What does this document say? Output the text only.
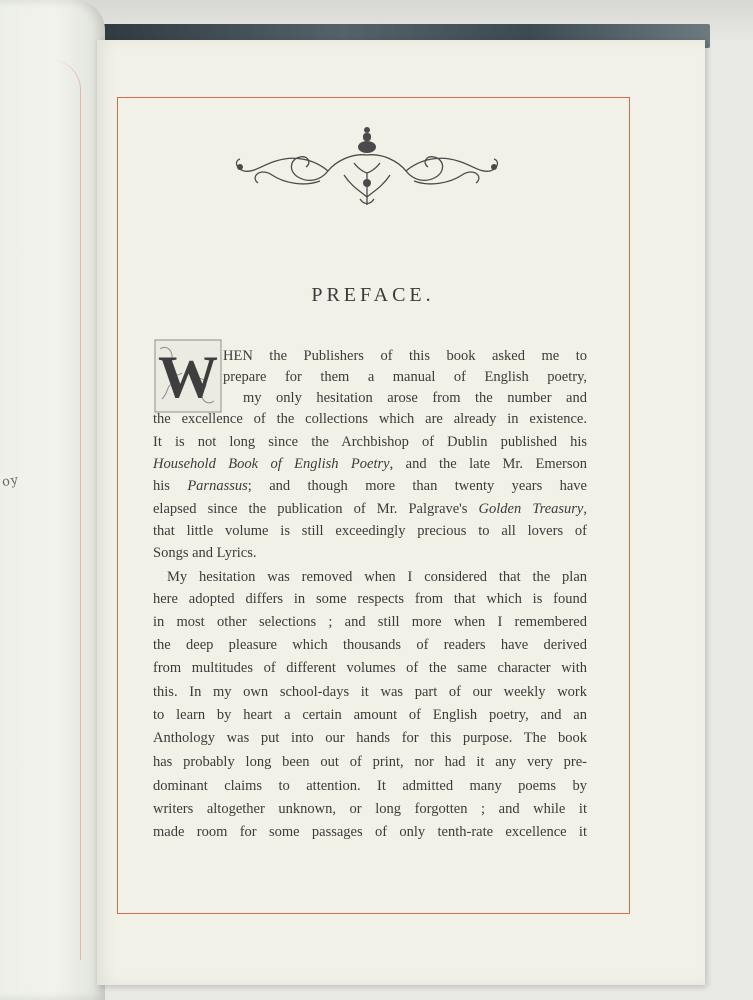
oy
PREFACE.
W HEN the Publishers of this book asked me to
prepare for them a manual of English poetry,
my only hesitation arose from the number and
the excellence of the collections which are already in existence.
It is not long since the Archbishop of Dublin published his
Household Book of English Poetry, and the late Mr. Emerson
his Parnassus; and though more than twenty years have
elapsed since the publication of Mr. Palgrave's Golden Treasury,
that little volume is still exceedingly precious to all lovers of
Songs and Lyrics.
My hesitation was removed when I considered that the plan
here adopted differs in some respects from that which is found
in most other selections ; and still more when I remembered
the deep pleasure which thousands of readers have derived
from multitudes of different volumes of the same character with
this. In my own school-days it was part of our weekly work
to learn by heart a certain amount of English poetry, and an
Anthology was put into our hands for this purpose. The book
has probably long been out of print, nor had it any very pre-
dominant claims to attention. It admitted many poems by
writers altogether unknown, or long forgotten ; and while it
made room for some passages of only tenth-rate excellence it
